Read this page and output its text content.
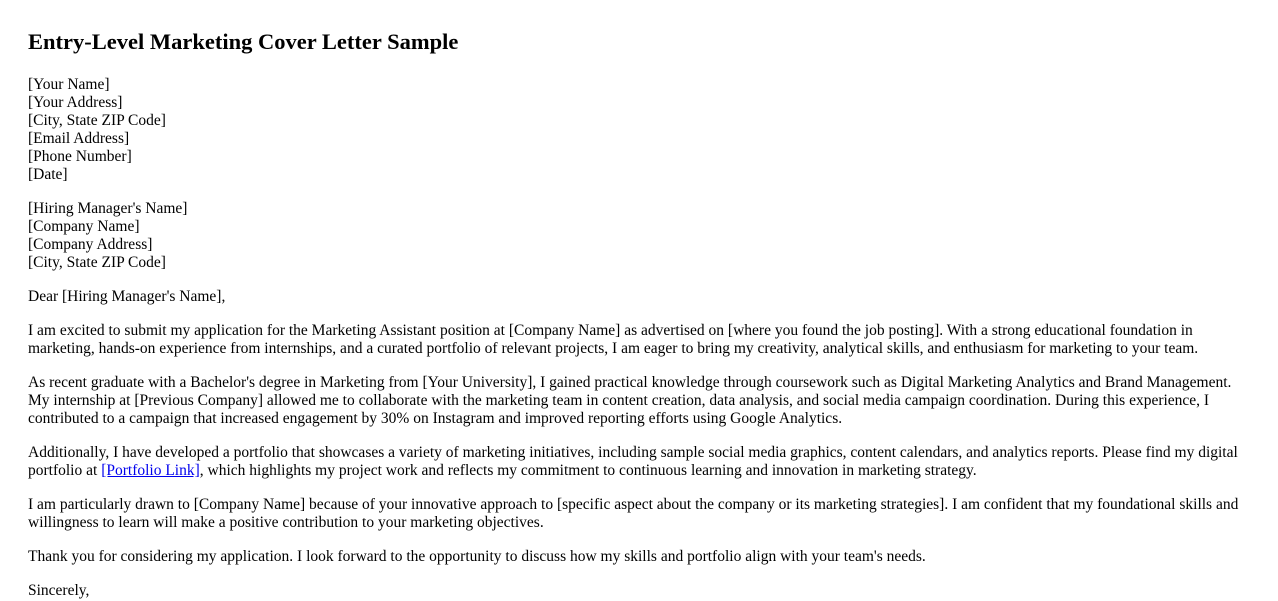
Entry-Level Marketing Cover Letter Sample
[Your Name]
[Your Address]
[City, State ZIP Code]
[Email Address]
[Phone Number]
[Date]
[Hiring Manager's Name]
[Company Name]
[Company Address]
[City, State ZIP Code]
Dear [Hiring Manager's Name],

I am excited to submit my application for the Marketing Assistant position at [Company Name] as advertised on [where you found the job posting]. With a strong educational foundation in marketing, hands-on experience from internships, and a curated portfolio of relevant projects, I am eager to bring my creativity, analytical skills, and enthusiasm for marketing to your team.

As recent graduate with a Bachelor's degree in Marketing from [Your University], I gained practical knowledge through coursework such as Digital Marketing Analytics and Brand Management. My internship at [Previous Company] allowed me to collaborate with the marketing team in content creation, data analysis, and social media campaign coordination. During this experience, I contributed to a campaign that increased engagement by 30% on Instagram and improved reporting efforts using Google Analytics.

Additionally, I have developed a portfolio that showcases a variety of marketing initiatives, including sample social media graphics, content calendars, and analytics reports. Please find my digital portfolio at [Portfolio Link], which highlights my project work and reflects my commitment to continuous learning and innovation in marketing strategy.

I am particularly drawn to [Company Name] because of your innovative approach to [specific aspect about the company or its marketing strategies]. I am confident that my foundational skills and willingness to learn will make a positive contribution to your marketing objectives.

Thank you for considering my application. I look forward to the opportunity to discuss how my skills and portfolio align with your team's needs.

Sincerely,
